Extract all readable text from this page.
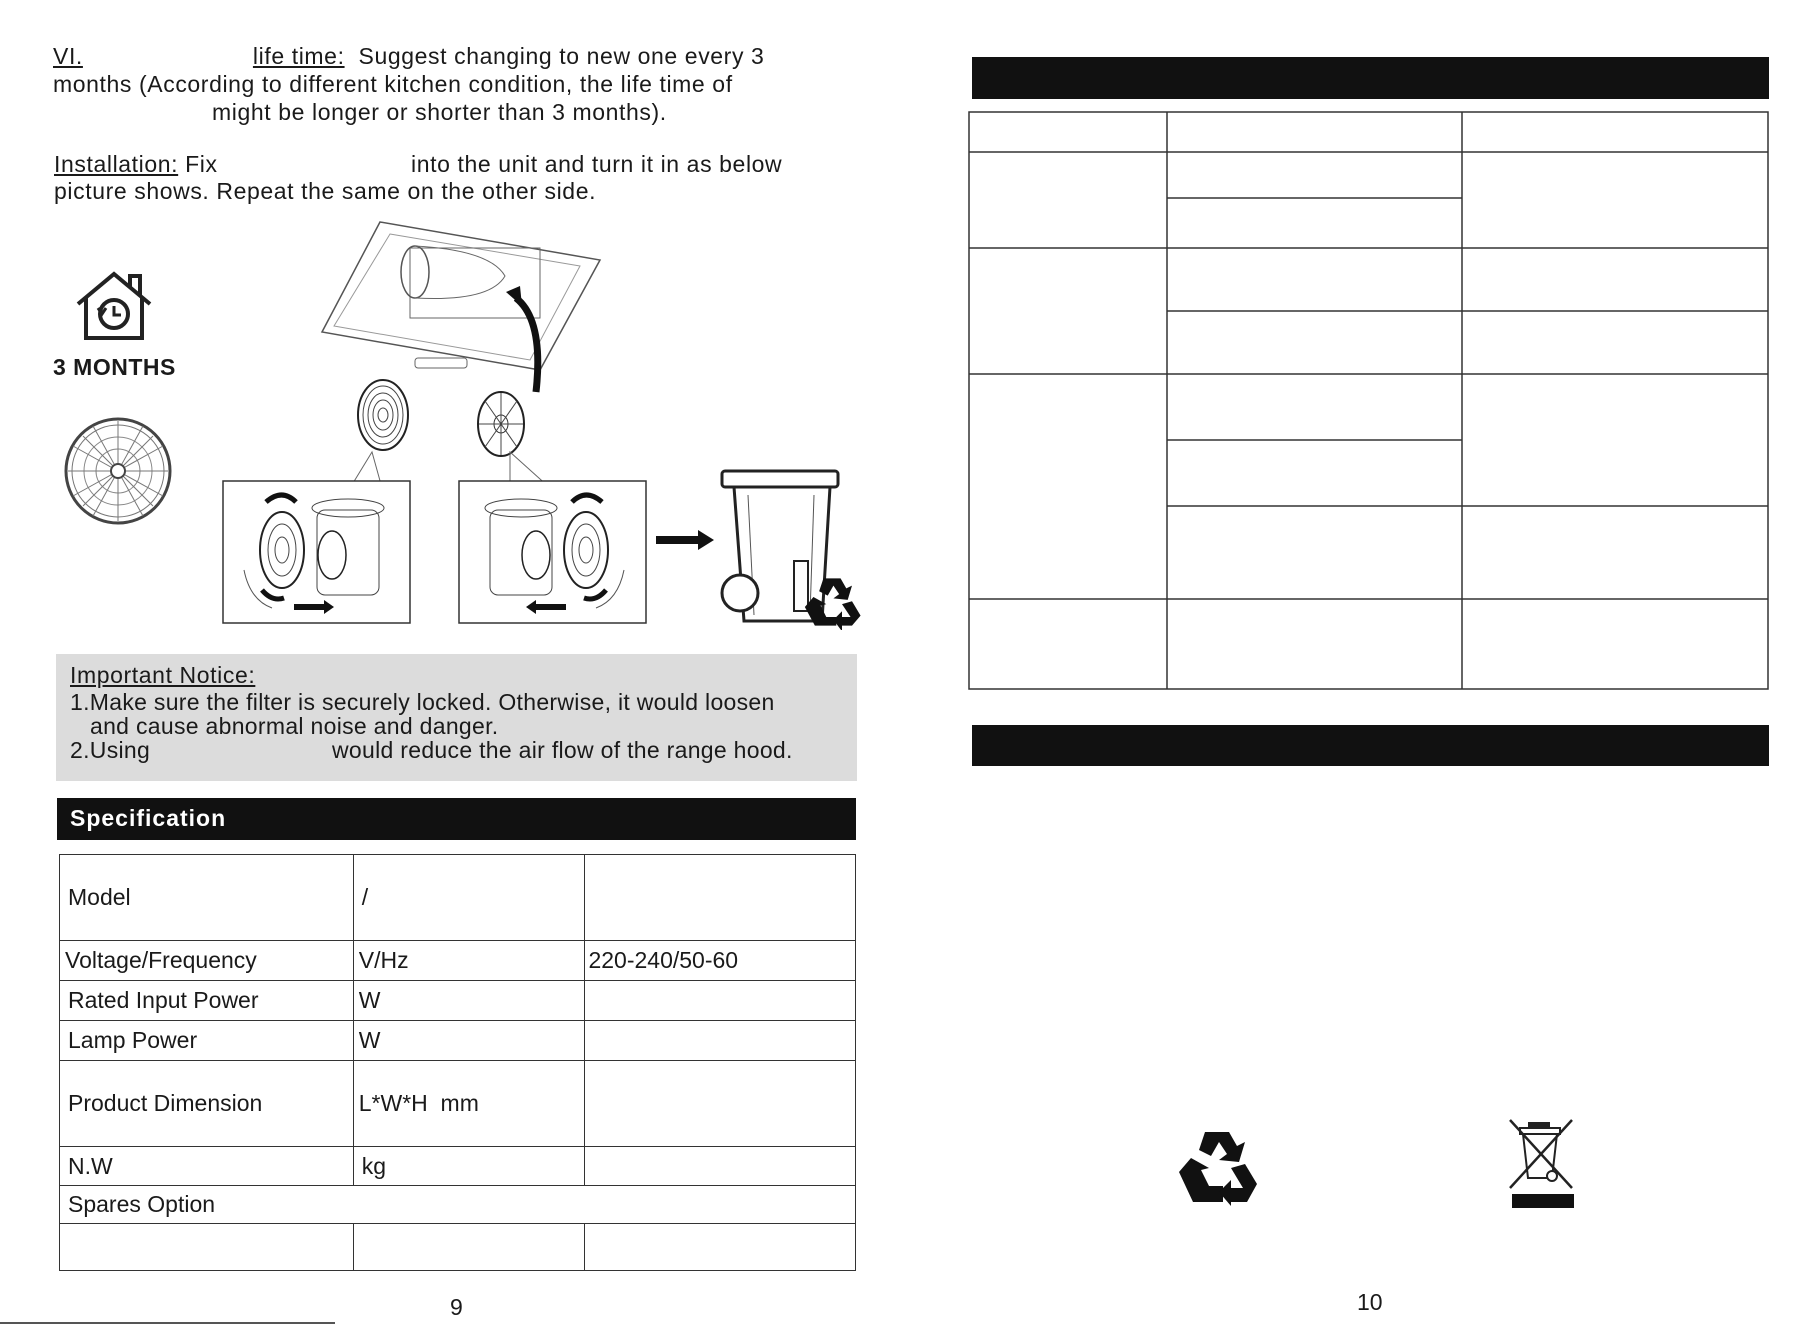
VI.	life time: Suggest changing to new one every 3
months (According to different kitchen condition, the life time of
might be longer or shorter than 3 months).
Installation: Fix	into the unit and turn it in as below
picture shows. Repeat the same on the other side.
3 MONTHS
Important Notice:
1.Make sure the filter is securely locked. Otherwise, it would loosen
and cause abnormal noise and danger.
2.Using	would reduce the air flow of the range hood.
Specification
Model	/	
Voltage/Frequency	V/Hz	220-240/50-60
Rated Input Power	W	
Lamp Power	W	
Product Dimension	L*W*H  mm	
N.W	kg	
Spares Option		

9	10
